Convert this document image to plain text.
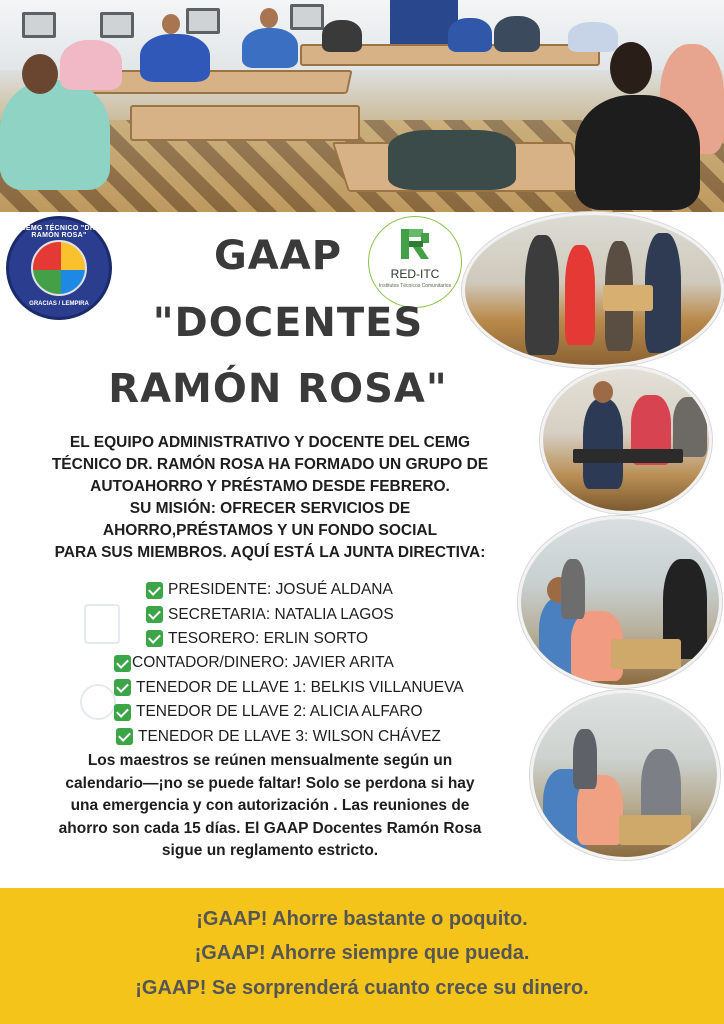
CEMG TÉCNICO "DR. RAMÓN ROSA"
GRACIAS / LEMPIRA
RED-ITC
Institutos Técnicos Comunitarios
GAAP
"DOCENTES
RAMÓN ROSA"
EL EQUIPO ADMINISTRATIVO Y DOCENTE DEL CEMG
TÉCNICO DR. RAMÓN ROSA HA FORMADO UN GRUPO DE
AUTOAHORRO Y PRÉSTAMO DESDE FEBRERO.
SU MISIÓN: OFRECER SERVICIOS DE
AHORRO,PRÉSTAMOS Y UN FONDO SOCIAL
PARA SUS MIEMBROS. AQUÍ ESTÁ LA JUNTA DIRECTIVA:
PRESIDENTE: JOSUÉ ALDANA
SECRETARIA: NATALIA LAGOS
TESORERO: ERLIN SORTO
CONTADOR/DINERO: JAVIER ARITA
TENEDOR DE LLAVE 1: BELKIS VILLANUEVA
TENEDOR DE LLAVE 2: ALICIA ALFARO
TENEDOR DE LLAVE 3: WILSON CHÁVEZ
Los maestros se reúnen mensualmente según un
calendario—¡no se puede faltar! Solo se perdona si hay
una emergencia y con autorización . Las reuniones de
ahorro son cada 15 días. El GAAP Docentes Ramón Rosa
sigue un reglamento estricto.
¡GAAP! Ahorre bastante o poquito.
¡GAAP! Ahorre siempre que pueda.
¡GAAP! Se sorprenderá cuanto crece su dinero.
